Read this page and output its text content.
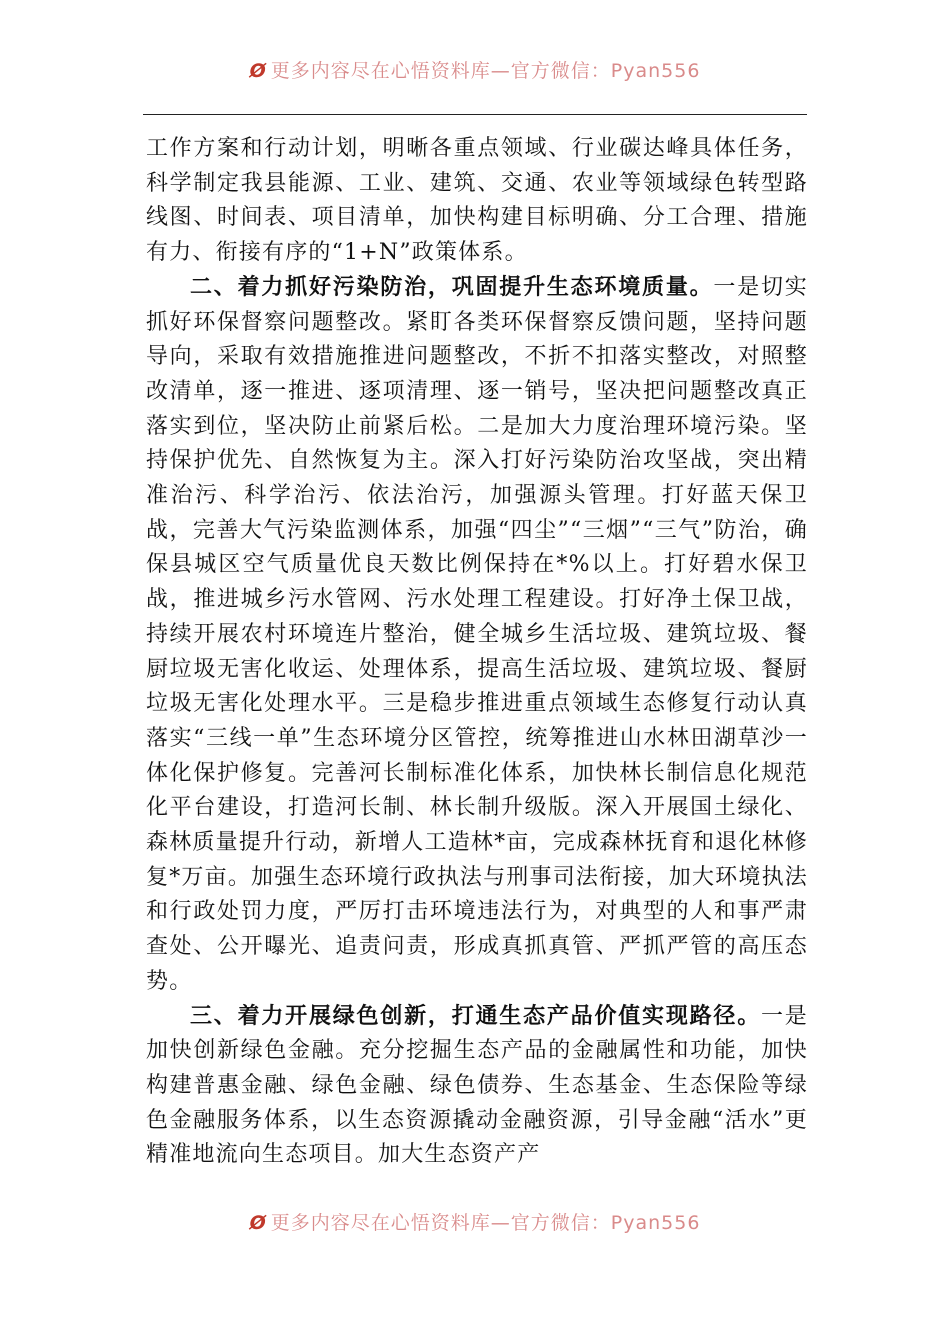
Ø 更多内容尽在心悟资料库—官方微信：Pyan556

工作方案和行动计划，明晰各重点领域、行业碳达峰具体任务，科学制定我县能源、工业、建筑、交通、农业等领域绿色转型路线图、时间表、项目清单，加快构建目标明确、分工合理、措施有力、衔接有序的“1+N”政策体系。

二、着力抓好污染防治，巩固提升生态环境质量。一是切实抓好环保督察问题整改。紧盯各类环保督察反馈问题，坚持问题导向，采取有效措施推进问题整改，不折不扣落实整改，对照整改清单，逐一推进、逐项清理、逐一销号，坚决把问题整改真正落实到位，坚决防止前紧后松。二是加大力度治理环境污染。坚持保护优先、自然恢复为主。深入打好污染防治攻坚战，突出精准治污、科学治污、依法治污，加强源头管理。打好蓝天保卫战，完善大气污染监测体系，加强“四尘”“三烟”“三气”防治，确保县城区空气质量优良天数比例保持在*%以上。打好碧水保卫战，推进城乡污水管网、污水处理工程建设。打好净土保卫战，持续开展农村环境连片整治，健全城乡生活垃圾、建筑垃圾、餐厨垃圾无害化收运、处理体系，提高生活垃圾、建筑垃圾、餐厨垃圾无害化处理水平。三是稳步推进重点领域生态修复行动认真落实“三线一单”生态环境分区管控，统筹推进山水林田湖草沙一体化保护修复。完善河长制标准化体系，加快林长制信息化规范化平台建设，打造河长制、林长制升级版。深入开展国土绿化、森林质量提升行动，新增人工造林*亩，完成森林抚育和退化林修复*万亩。加强生态环境行政执法与刑事司法衔接，加大环境执法和行政处罚力度，严厉打击环境违法行为，对典型的人和事严肃查处、公开曝光、追责问责，形成真抓真管、严抓严管的高压态势。

三、着力开展绿色创新，打通生态产品价值实现路径。一是加快创新绿色金融。充分挖掘生态产品的金融属性和功能，加快构建普惠金融、绿色金融、绿色债券、生态基金、生态保险等绿色金融服务体系，以生态资源撬动金融资源，引导金融“活水”更精准地流向生态项目。加大生态资产产

Ø 更多内容尽在心悟资料库—官方微信：Pyan556
